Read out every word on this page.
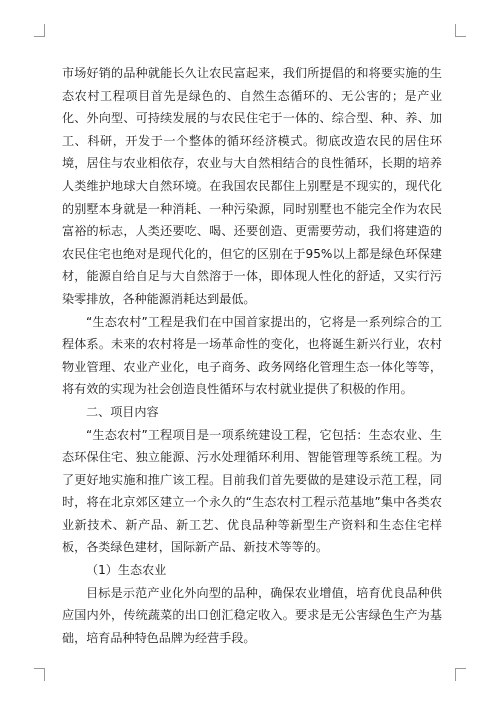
市场好销的品种就能长久让农民富起来，我们所提倡的和将要实施的生态农村工程项目首先是绿色的、自然生态循环的、无公害的；是产业化、外向型、可持续发展的与农民住宅于一体的、综合型、种、养、加工、科研，开发于一个整体的循环经济模式。彻底改造农民的居住环境，居住与农业相依存，农业与大自然相结合的良性循环，长期的培养人类维护地球大自然环境。在我国农民都住上别墅是不现实的，现代化的别墅本身就是一种消耗、一种污染源，同时别墅也不能完全作为农民富裕的标志，人类还要吃、喝、还要创造、更需要劳动，我们将建造的农民住宅也绝对是现代化的，但它的区别在于95%以上都是绿色环保建材，能源自给自足与大自然溶于一体，即体现人性化的舒适，又实行污染零排放，各种能源消耗达到最低。

“生态农村”工程是我们在中国首家提出的，它将是一系列综合的工程体系。未来的农村将是一场革命性的变化，也将诞生新兴行业，农村物业管理、农业产业化，电子商务、政务网络化管理生态一体化等等，将有效的实现为社会创造良性循环与农村就业提供了积极的作用。

二、项目内容

“生态农村”工程项目是一项系统建设工程，它包括：生态农业、生态环保住宅、独立能源、污水处理循环利用、智能管理等系统工程。为了更好地实施和推广该工程。目前我们首先要做的是建设示范工程，同时，将在北京郊区建立一个永久的“生态农村工程示范基地”集中各类农业新技术、新产品、新工艺、优良品种等新型生产资料和生态住宅样板，各类绿色建材，国际新产品、新技术等等的。

（1）生态农业

目标是示范产业化外向型的品种，确保农业增值，培育优良品种供应国内外，传统蔬菜的出口创汇稳定收入。要求是无公害绿色生产为基础，培育品种特色品牌为经营手段。
